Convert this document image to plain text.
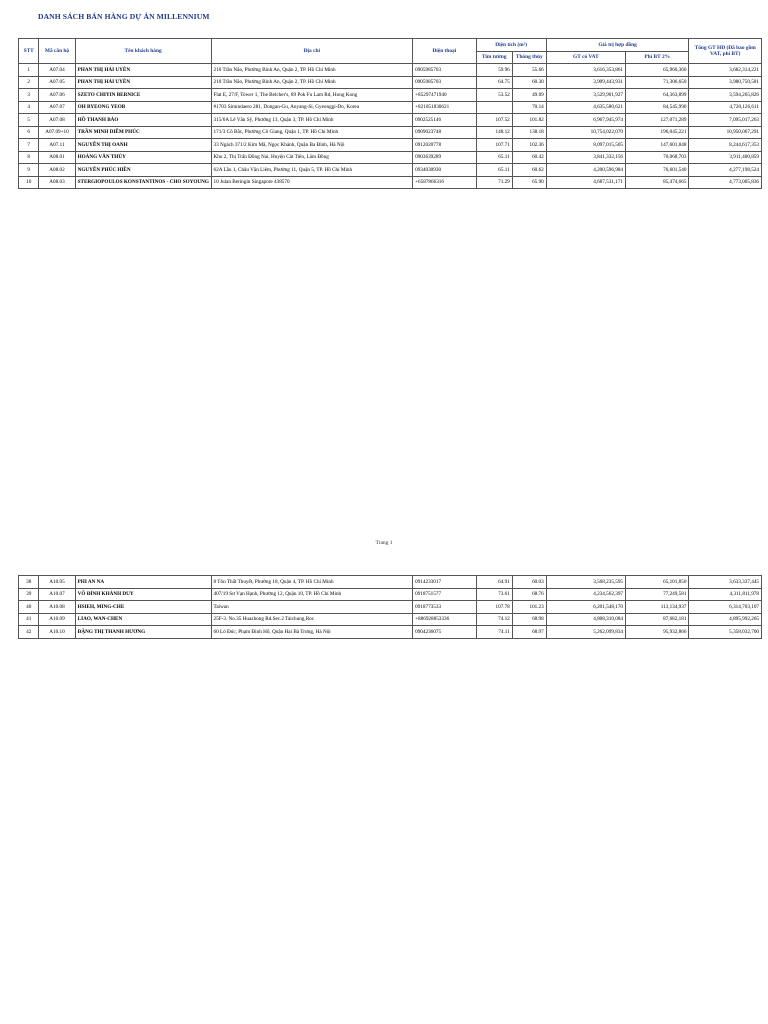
DANH SÁCH BÁN HÀNG DỰ ÁN MILLENNIUM
STT	Mã căn hộ	Tên khách hàng	Địa chỉ	Điện thoại	Diện tích (m²)		Giá trị hợp đồng		Tổng GT HĐ (Đã bao gồm VAT, phí BT)
					Tim tường	Thông thủy	GT có VAT	Phí BT 2%	
1	A07.04	PHAN THỊ HẢI UYÊN	210 Trần Não, Phường Bình An, Quận 2, TP. Hồ Chí Minh	0905985703	59.96	55.66	3,616,353,861	65,960,360	3,682,314,221
2	A07.05	PHAN THỊ HẢI UYÊN	210 Trần Não, Phường Bình An, Quận 2, TP. Hồ Chí Minh	0905985703	64.75	60.30	3,909,443,931	71,306,650	3,980,750,581
3	A07.06	SZETO CHIYIN BERNICE	Flat E, 27/F, Tower 1, The Belcher's, 89 Pok Fu Lam Rd, Hong Kong	+85297471940	53.52	49.09	3,529,901,927	64,363,899	3,594,265,826
4	A07.07	OH BYEONG YEOB	#1703 Simindaero 281, Dongan-Gu, Anyang-Si, Gyeonggi-Do, Korea	+821051830621		70.14	4,635,580,621	84,545,990	4,720,126,611
5	A07.08	HỒ THANH BẢO	315/6A Lê Văn Sỹ, Phường 13, Quận 3, TP. Hồ Chí Minh	0902525146	107.52	101.82	6,967,945,974	127,071,289	7,095,017,263
6	A07.09+10	TRẦN MINH DIỄM PHÚC	171/3 Cô Bắc, Phường Cô Giang, Quận 1, TP. Hồ Chí Minh	0909023748	148.12	138.18	10,754,022,070	196,045,221	10,950,067,291
7	A07.11	NGUYỄN THỊ OANH	33 Ngách 371/2 Kim Mã, Ngọc Khánh, Quận Ba Đình, Hà Nội	0912020778	107.71	102.36	8,097,015,505	147,601,848	8,244,617,353
8	A08.01	HOÀNG VĂN THỦY	Khu 2, Thị Trấn Đồng Nai, Huyện Cát Tiên, Lâm Đồng	0903639289	65.11	60.42	3,841,332,156	70,068,703	3,911,400,859
9	A08.02	NGUYỄN PHÚC HIỀN	62A Lầu 1, Châu Văn Liêm, Phường 11, Quận 5, TP. Hồ Chí Minh	0934030930	65.11	60.62	4,200,596,984	76,601,540	4,277,198,524
10	A08.03	STERGIOPOULOS KONSTANTINOS - CHO SOYOUNG	10 Julan Beringin Singapore 438570	+6587866316	71.29	65.90	4,687,531,171	85,474,665	4,773,005,836
Trang 1
38	A10.05	PHI AN NA	8 Tôn Thất Thuyết, Phường 18, Quận 4, TP. Hồ Chí Minh	0914233017	64.91	60.03	3,568,235,595	65,101,850	3,633,337,445
39	A10.07	VÕ ĐÌNH KHÁNH DUY	407/19 Sư Vạn Hạnh, Phường 12, Quận 10, TP. Hồ Chí Minh	0918751577	73.61	68.76	4,234,562,397	77,249,581	4,311,811,978
40	A10.08	HSIEH, MING-CHE	Taiwan	0918773533	107.78	101.23	6,201,548,170	113,134,937	6,314,703,107
41	A10.09	LIAO, WAN-CHEN	25F-3. No.35 Huazhong Rd.Sec.2 Taichung,Roc	+886928853336	74.12	68.98	4,808,310,084	87,682,181	4,895,992,265
42	A10.10	ĐẶNG THỊ THANH HƯƠNG	60 Lò Đúc, Phạm Đình Hổ, Quận Hai Bà Trưng, Hà Nội	0904236075	74.11	68.97	5,262,099,834	95,932,866	5,358,032,700
